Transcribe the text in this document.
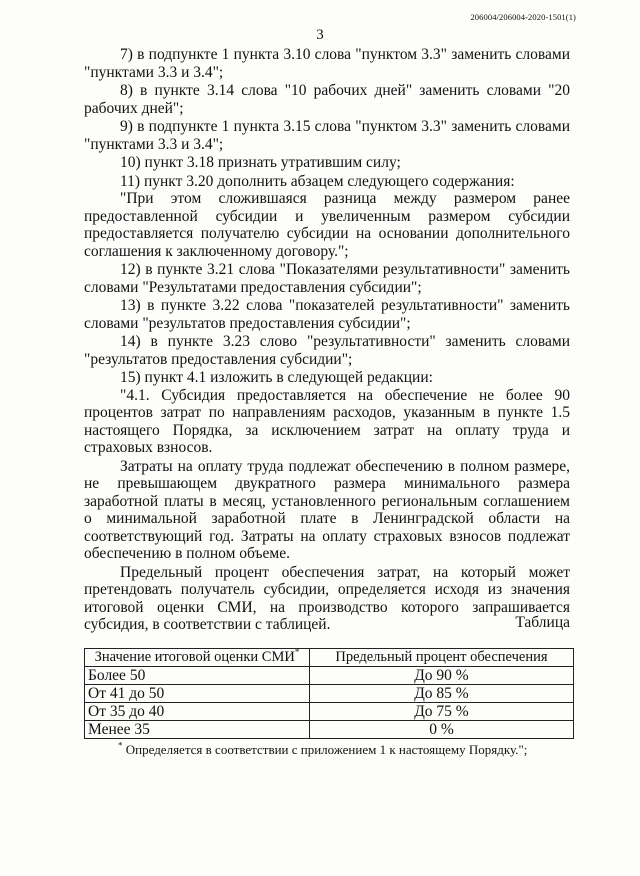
206004/206004-2020-1501(1)
3

7) в подпункте 1 пункта 3.10 слова "пунктом 3.3" заменить словами "пунктами 3.3 и 3.4";

8) в пункте 3.14 слова "10 рабочих дней" заменить словами "20 рабочих дней";

9) в подпункте 1 пункта 3.15 слова "пунктом 3.3" заменить словами "пунктами 3.3 и 3.4";

10) пункт 3.18 признать утратившим силу;

11) пункт 3.20 дополнить абзацем следующего содержания:

"При этом сложившаяся разница между размером ранее предоставленной субсидии и увеличенным размером субсидии предоставляется получателю субсидии на основании дополнительного соглашения к заключенному договору.";

12) в пункте 3.21 слова "Показателями результативности" заменить словами "Результатами предоставления субсидии";

13) в пункте 3.22 слова "показателей результативности" заменить словами "результатов предоставления субсидии";

14) в пункте 3.23 слово "результативности" заменить словами "результатов предоставления субсидии";

15) пункт 4.1 изложить в следующей редакции:

"4.1. Субсидия предоставляется на обеспечение не более 90 процентов затрат по направлениям расходов, указанным в пункте 1.5 настоящего Порядка, за исключением затрат на оплату труда и страховых взносов.

Затраты на оплату труда подлежат обеспечению в полном размере, не превышающем двукратного размера минимального размера заработной платы в месяц, установленного региональным соглашением о минимальной заработной плате в Ленинградской области на соответствующий год. Затраты на оплату страховых взносов подлежат обеспечению в полном объеме.

Предельный процент обеспечения затрат, на который может претендовать получатель субсидии, определяется исходя из значения итоговой оценки СМИ, на производство которого запрашивается субсидия, в соответствии с таблицей.	Таблица
Значение итоговой оценки СМИ*	Предельный процент обеспечения
Более 50	До 90 %
От 41 до 50	До 85 %
От 35 до 40	До 75 %
Менее 35	0 %
* Определяется в соответствии с приложением 1 к настоящему Порядку.";
